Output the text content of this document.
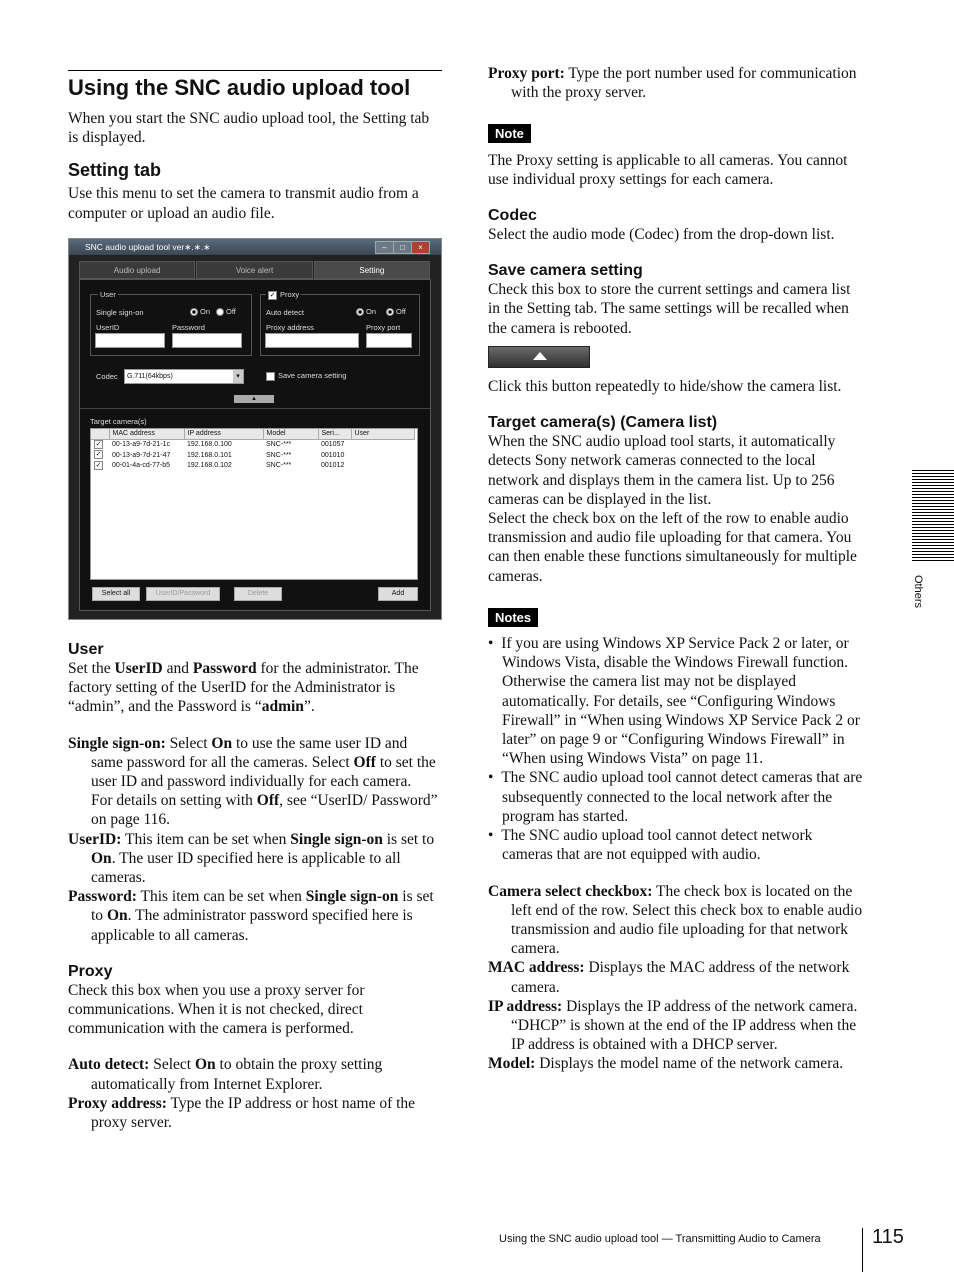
Using the SNC audio upload tool

When you start the SNC audio upload tool, the Setting tab is displayed.

Setting tab

Use this menu to set the camera to transmit audio from a computer or upload an audio file.

SNC audio upload tool ver∗.∗.∗	–	□	×
Audio upload	Voice alert	Setting
User
Single sign-on	On	Off
UserID	Password
✓ Proxy
Auto detect	On	Off
Proxy address	Proxy port
Codec	G.711(64kbps)	▾	Save camera setting
▲
Target camera(s)
	MAC address	IP address	Model	Seri...	User
✓	00-13-a9-7d-21-1c	192.168.0.100	SNC-***	001057	
✓	00-13-a9-7d-21-47	192.168.0.101	SNC-***	001010	
✓	00-01-4a-cd-77-b5	192.168.0.102	SNC-***	001012	
Select all	UserID/Password	Delete	Add
User

Set the UserID and Password for the administrator. The factory setting of the UserID for the Administrator is “admin”, and the Password is “admin”.

Single sign-on: Select On to use the same user ID and same password for all the cameras. Select Off to set the user ID and password individually for each camera.

For details on setting with Off, see “UserID/ Password” on page 116.

UserID: This item can be set when Single sign-on is set to On. The user ID specified here is applicable to all cameras.

Password: This item can be set when Single sign-on is set to On. The administrator password specified here is applicable to all cameras.

Proxy

Check this box when you use a proxy server for communications. When it is not checked, direct communication with the camera is performed.

Auto detect: Select On to obtain the proxy setting automatically from Internet Explorer.

Proxy address: Type the IP address or host name of the proxy server.

Proxy port: Type the port number used for communication with the proxy server.

Note

The Proxy setting is applicable to all cameras. You cannot use individual proxy settings for each camera.

Codec

Select the audio mode (Codec) from the drop-down list.

Save camera setting

Check this box to store the current settings and camera list in the Setting tab. The same settings will be recalled when the camera is rebooted.

Click this button repeatedly to hide/show the camera list.

Target camera(s) (Camera list)

When the SNC audio upload tool starts, it automatically detects Sony network cameras connected to the local network and displays them in the camera list. Up to 256 cameras can be displayed in the list.

Select the check box on the left of the row to enable audio transmission and audio file uploading for that camera. You can then enable these functions simultaneously for multiple cameras.

Notes

•  If you are using Windows XP Service Pack 2 or later, or Windows Vista, disable the Windows Firewall function. Otherwise the camera list may not be displayed automatically. For details, see “Configuring Windows Firewall” in “When using Windows XP Service Pack 2 or later” on page 9 or “Configuring Windows Firewall” in “When using Windows Vista” on page 11.

•  The SNC audio upload tool cannot detect cameras that are subsequently connected to the local network after the program has started.

•  The SNC audio upload tool cannot detect network cameras that are not equipped with audio.

Camera select checkbox: The check box is located on the left end of the row. Select this check box to enable audio transmission and audio file uploading for that network camera.

MAC address: Displays the MAC address of the network camera.

IP address: Displays the IP address of the network camera. “DHCP” is shown at the end of the IP address when the IP address is obtained with a DHCP server.

Model: Displays the model name of the network camera.

Others
Using the SNC audio upload tool — Transmitting Audio to Camera	115
